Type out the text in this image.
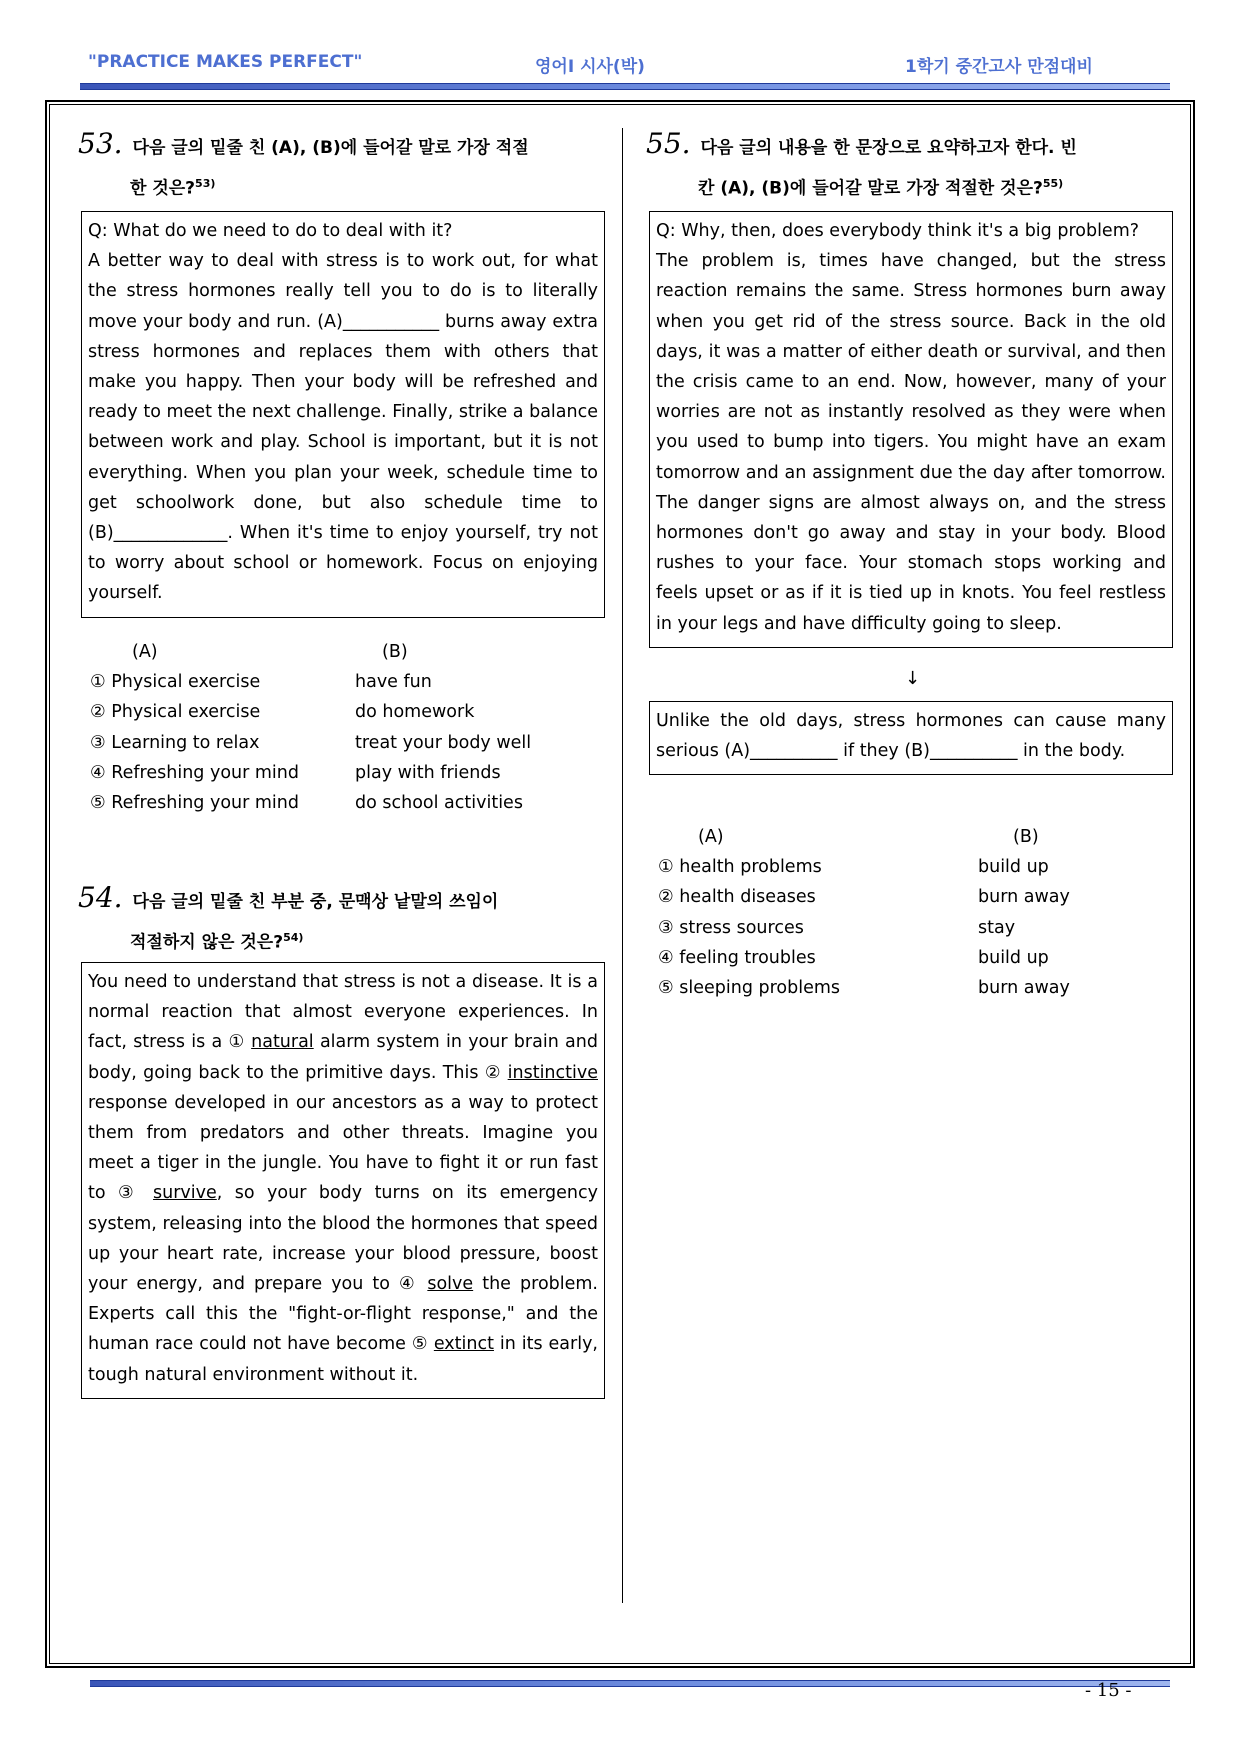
"PRACTICE MAKES PERFECT"	영어Ⅰ 시사(박)	1학기 중간고사 만점대비
53. 다음 글의 밑줄 친 (A), (B)에 들어갈 말로 가장 적절
한 것은?$^{53)}$

Q: What do we need to do to deal with it?

A better way to deal with stress is to work out, for what the stress hormones really tell you to do is to literally move your body and run. (A)___________ burns away extra stress hormones and replaces them with others that make you happy. Then your body will be refreshed and ready to meet the next challenge. Finally, strike a balance between work and play. School is important, but it is not everything. When you plan your week, schedule time to get schoolwork done, but also schedule time to (B)_____________. When it's time to enjoy yourself, try not to worry about school or homework. Focus on enjoying yourself.

(A)	(B)
① Physical exercise	have fun
② Physical exercise	do homework
③ Learning to relax	treat your body well
④ Refreshing your mind	play with friends
⑤ Refreshing your mind	do school activities
54. 다음 글의 밑줄 친 부분 중, 문맥상 낱말의 쓰임이
적절하지 않은 것은?$^{54)}$

You need to understand that stress is not a disease. It is a normal reaction that almost everyone experiences. In fact, stress is a ① natural alarm system in your brain and body, going back to the primitive days. This ② instinctive response developed in our ancestors as a way to protect them from predators and other threats. Imagine you meet a tiger in the jungle. You have to fight it or run fast to ③ survive, so your body turns on its emergency system, releasing into the blood the hormones that speed up your heart rate, increase your blood pressure, boost your energy, and prepare you to ④ solve the problem. Experts call this the "fight-or-flight response," and the human race could not have become ⑤ extinct in its early, tough natural environment without it.

55. 다음 글의 내용을 한 문장으로 요약하고자 한다. 빈
칸 (A), (B)에 들어갈 말로 가장 적절한 것은?$^{55)}$

Q: Why, then, does everybody think it's a big problem?

The problem is, times have changed, but the stress reaction remains the same. Stress hormones burn away when you get rid of the stress source. Back in the old days, it was a matter of either death or survival, and then the crisis came to an end. Now, however, many of your worries are not as instantly resolved as they were when you used to bump into tigers. You might have an exam tomorrow and an assignment due the day after tomorrow. The danger signs are almost always on, and the stress hormones don't go away and stay in your body. Blood rushes to your face. Your stomach stops working and feels upset or as if it is tied up in knots. You feel restless in your legs and have difficulty going to sleep.

↓

Unlike the old days, stress hormones can cause many serious (A)__________ if they (B)__________ in the body.

(A)	(B)
① health problems	build up
② health diseases	burn away
③ stress sources	stay
④ feeling troubles	build up
⑤ sleeping problems	burn away
- 15 -
